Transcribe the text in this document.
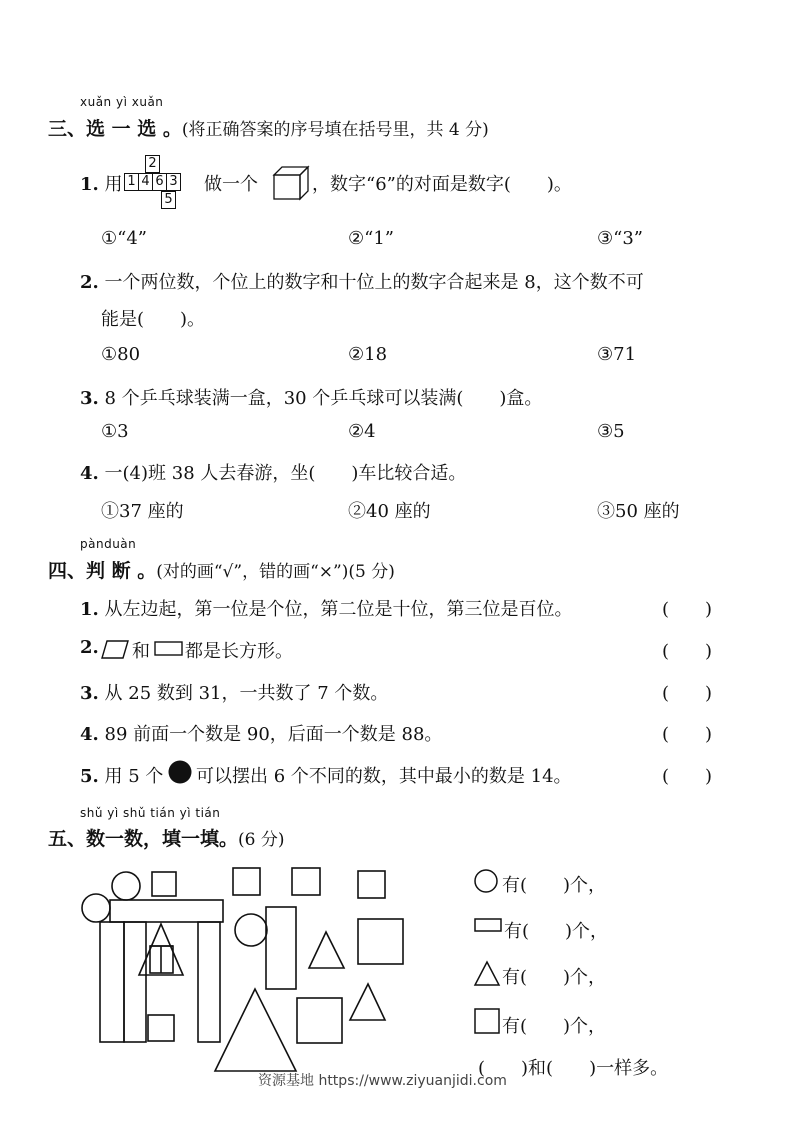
xuǎn yì xuǎn
三、选 一 选 。(将正确答案的序号填在括号里，共 4 分)
1. 用
2
1 4 6 3
5
做一个	，数字“6”的对面是数字(　　)。
①“4”	②“1”	③“3”
2. 一个两位数，个位上的数字和十位上的数字合起来是 8，这个数不可
能是(　　)。
①80	②18	③71
3. 8 个乒乓球装满一盒，30 个乒乓球可以装满(　　)盒。
①3	②4	③5
4. 一(4)班 38 人去春游，坐(　　)车比较合适。
①37 座的	②40 座的	③50 座的
pànduàn
四、判 断 。(对的画“√”，错的画“×”)(5 分)
1. 从左边起，第一位是个位，第二位是十位，第三位是百位。	(　　)
2. 和 都是长方形。	(　　)
3. 从 25 数到 31，一共数了 7 个数。	(　　)
4. 89 前面一个数是 90，后面一个数是 88。	(　　)
5. 用 5 个 可以摆出 6 个不同的数，其中最小的数是 14。	(　　)
shǔ yì shǔ tián yì tián
五、数一数，填一填。(6 分)
有(　　)个，
有(　　)个，
有(　　)个，
有(　　)个，
(　　)和(　　)一样多。
资源基地 https://www.ziyuanjidi.com
